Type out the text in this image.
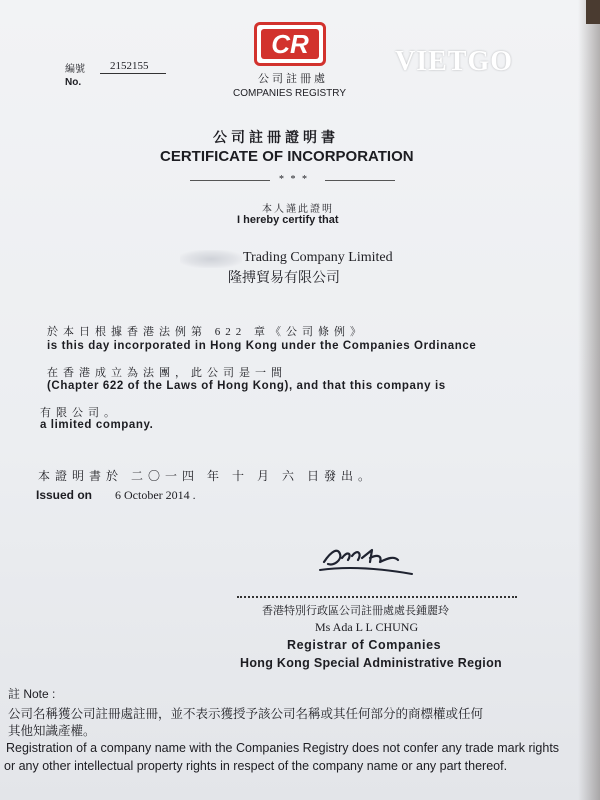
編號 2152155
No.
CR
公司註冊處
COMPANIES REGISTRY
VIETGO
公司註冊證明書
CERTIFICATE OF INCORPORATION
* * *
本人謹此證明
I hereby certify that
Trading Company Limited
隆搏貿易有限公司
於本日根據香港法例第 622 章《公司條例》
is this day incorporated in Hong Kong under the Companies Ordinance
在香港成立為法團，此公司是一間
(Chapter 622 of the Laws of Hong Kong), and that this company is
有限公司。
a limited company.
本證明書於 二〇一四 年 十 月 六 日發出。
Issued on 6 October 2014 .
香港特別行政區公司註冊處處長鍾麗玲
Ms Ada L L CHUNG
Registrar of Companies
Hong Kong Special Administrative Region
註 Note :
公司名稱獲公司註冊處註冊，並不表示獲授予該公司名稱或其任何部分的商標權或任何
其他知識產權。
Registration of a company name with the Companies Registry does not confer any trade mark rights
or any other intellectual property rights in respect of the company name or any part thereof.
